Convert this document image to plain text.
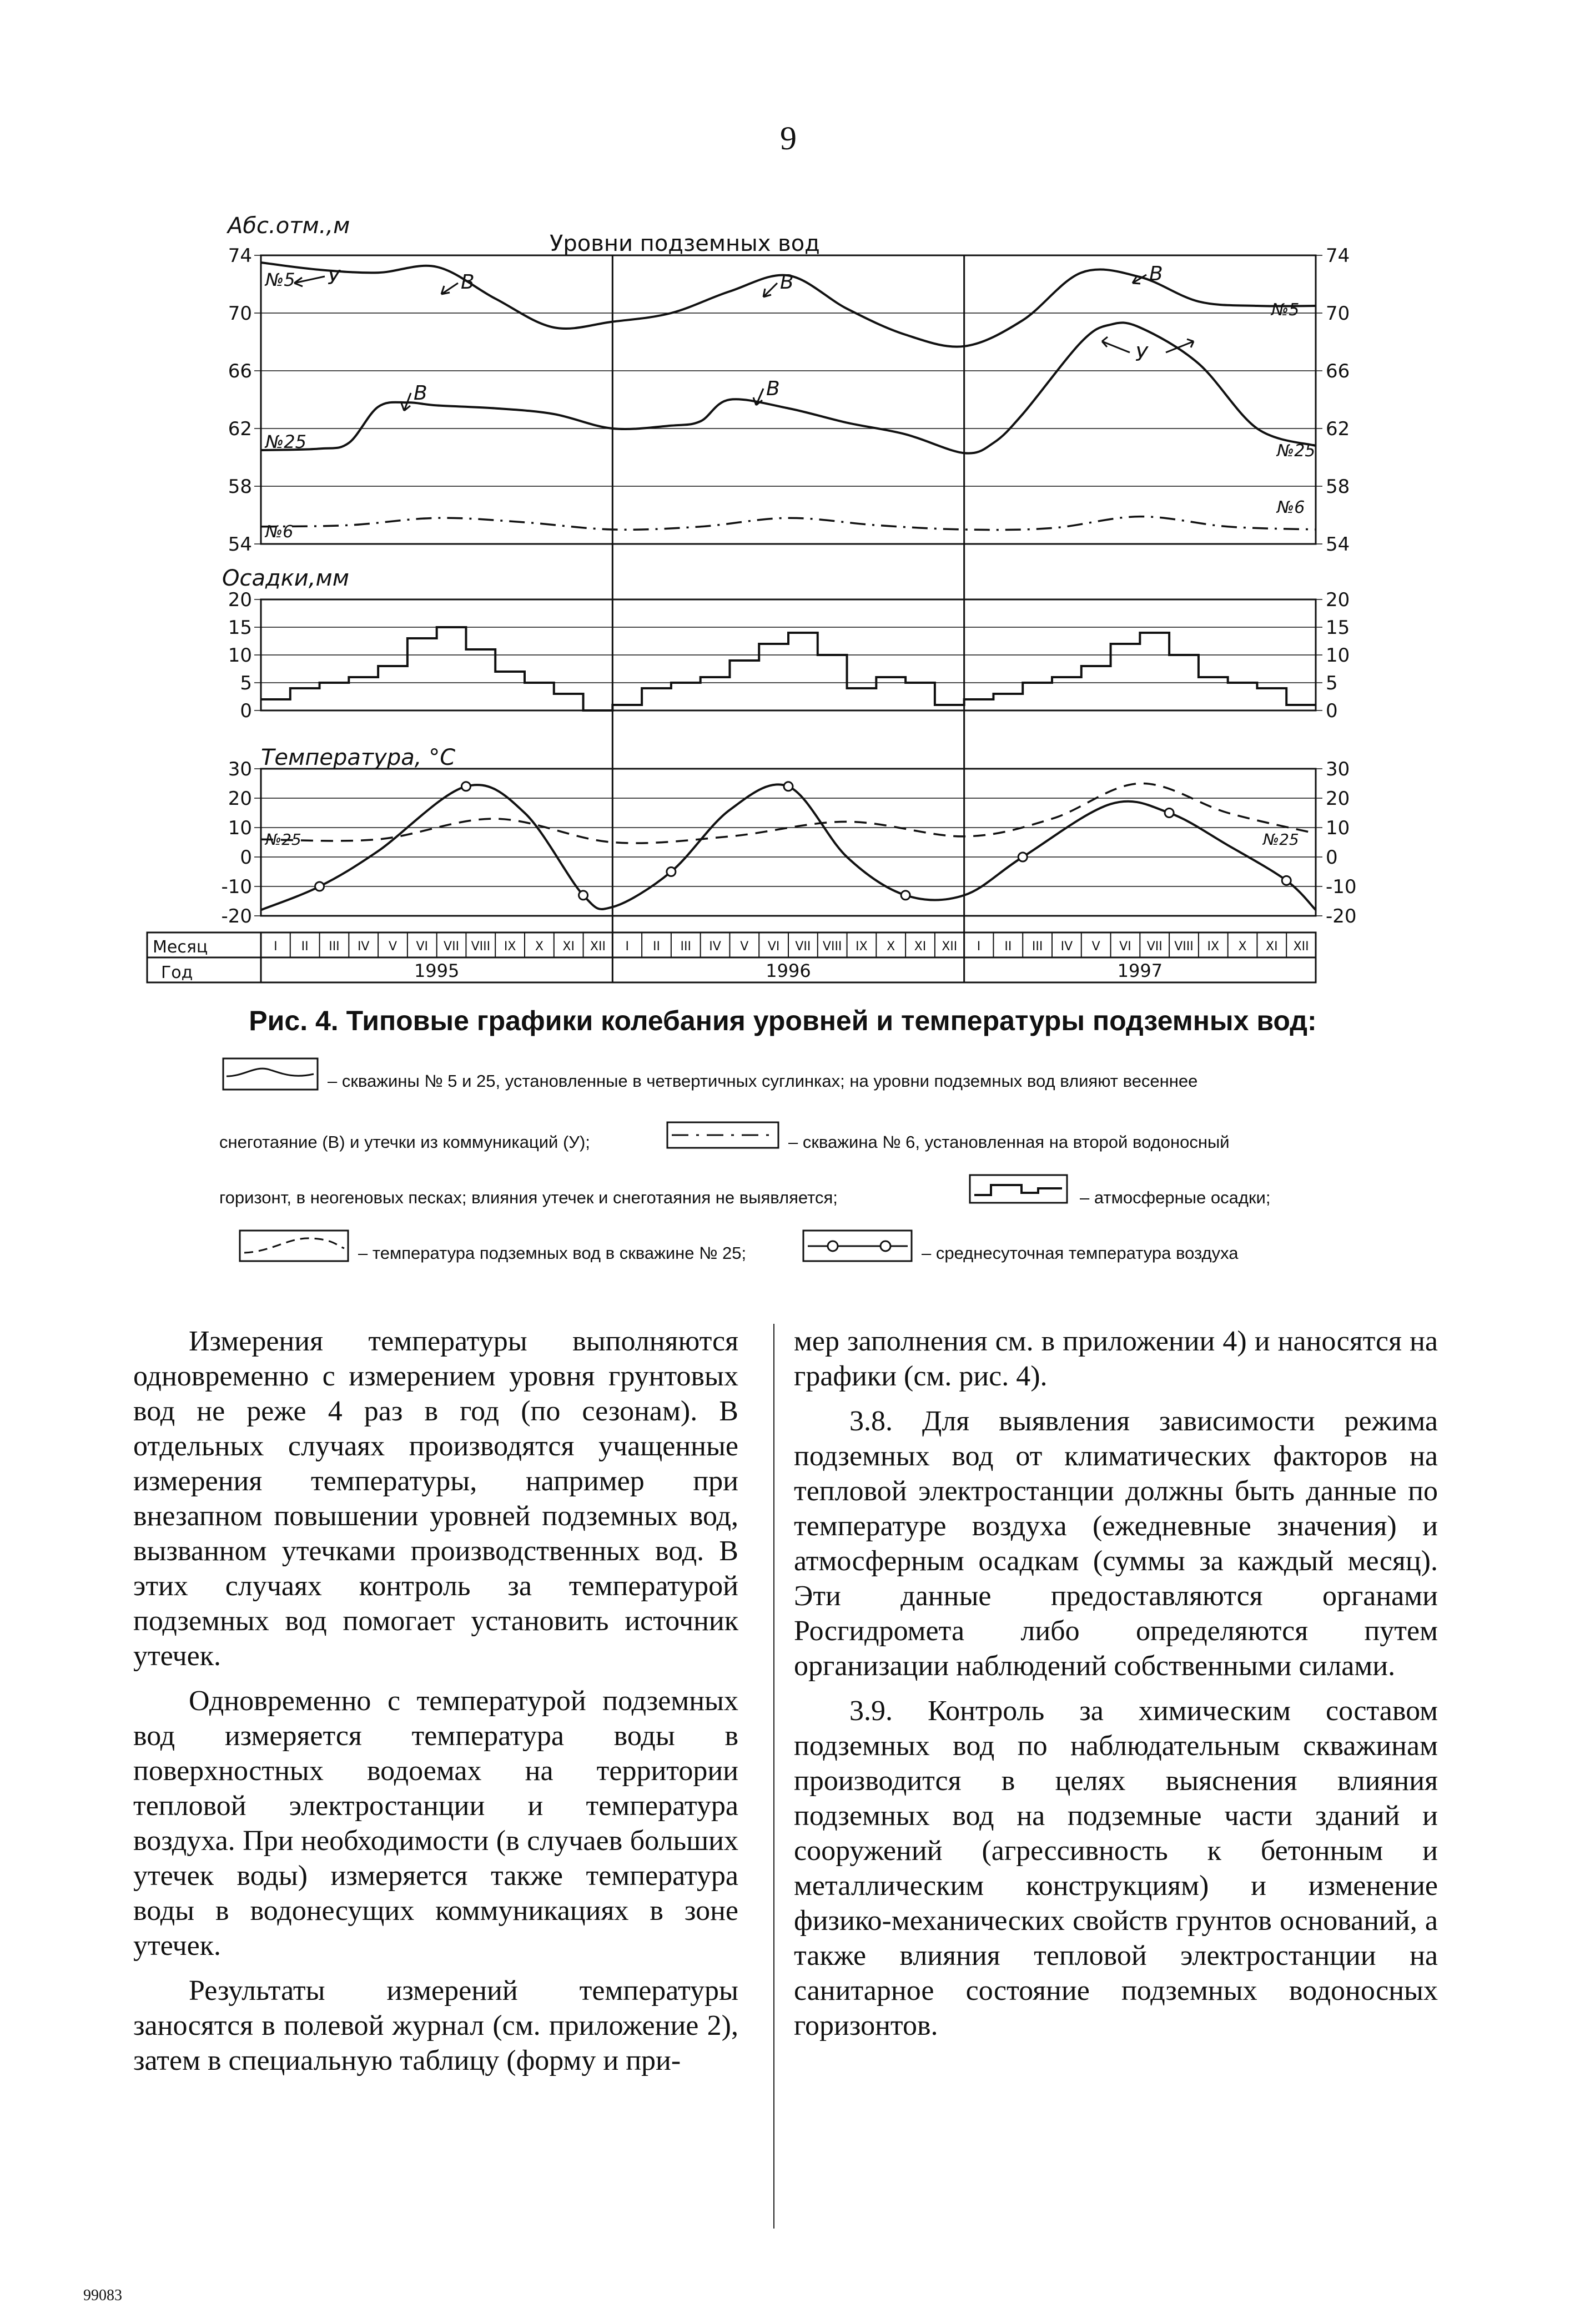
9
Месяц
Год
I II III IV V VI VII VIII IX X XI XII I II III IV V VI VII VIII IX X XI XII I II III IV V VI VII VIII IX X XI XII
1995	1996	1997
Абс.отм.,м
Уровни подземных вод
Осадки,мм
Температура, °С
74
70
66
62
58
54
20
15
10
5
0
30
20
10
0
-10
-20
74
70
66
62
58
54
20
15
10
5
0
30
20
10
0
-10
-20
№5
№5
№25	№25
№6
№6
№25	№25
У	В	В	В
В	В
У
Рис. 4. Типовые графики колебания уровней и температуры подземных вод:
– скважины № 5 и 25, установленные в четвертичных суглинках; на уровни подземных вод влияют весеннее
снеготаяние (В) и утечки из коммуникаций (У);	– скважина № 6, установленная на второй водоносный
горизонт, в неогеновых песках; влияния утечек и снеготаяния не выявляется;	– атмосферные осадки;
– температура подземных вод в скважине № 25;	– среднесуточная температура воздуха

Измерения температуры выполняются одновременно с измерением уровня грунтовых вод не реже 4 раз в год (по сезонам). В отдельных случаях производятся учащенные измерения температуры, например при внезапном повышении уровней подземных вод, вызванном утечками производственных вод. В этих случаях контроль за температурой подземных вод помогает установить источник утечек.

Одновременно с температурой подземных вод измеряется температура воды в поверхностных водоемах на территории тепловой электростанции и температура воздуха. При необходимости (в случаев больших утечек воды) измеряется также температура воды в водонесущих коммуникациях в зоне утечек.

Результаты измерений температуры заносятся в полевой журнал (см. приложение 2), затем в специальную таблицу (форму и при-

мер заполнения см. в приложении 4) и наносятся на графики (см. рис. 4).

3.8. Для выявления зависимости режима подземных вод от климатических факторов на тепловой электростанции должны быть данные по температуре воздуха (ежедневные значения) и атмосферным осадкам (суммы за каждый месяц). Эти данные предоставляются органами Росгидромета либо определяются путем организации наблюдений собственными силами.

3.9. Контроль за химическим составом подземных вод по наблюдательным скважинам производится в целях выяснения влияния подземных вод на подземные части зданий и сооружений (агрессивность к бетонным и металлическим конструкциям) и изменение физико-механических свойств грунтов оснований, а также влияния тепловой электростанции на санитарное состояние подземных водоносных горизонтов.

99083
